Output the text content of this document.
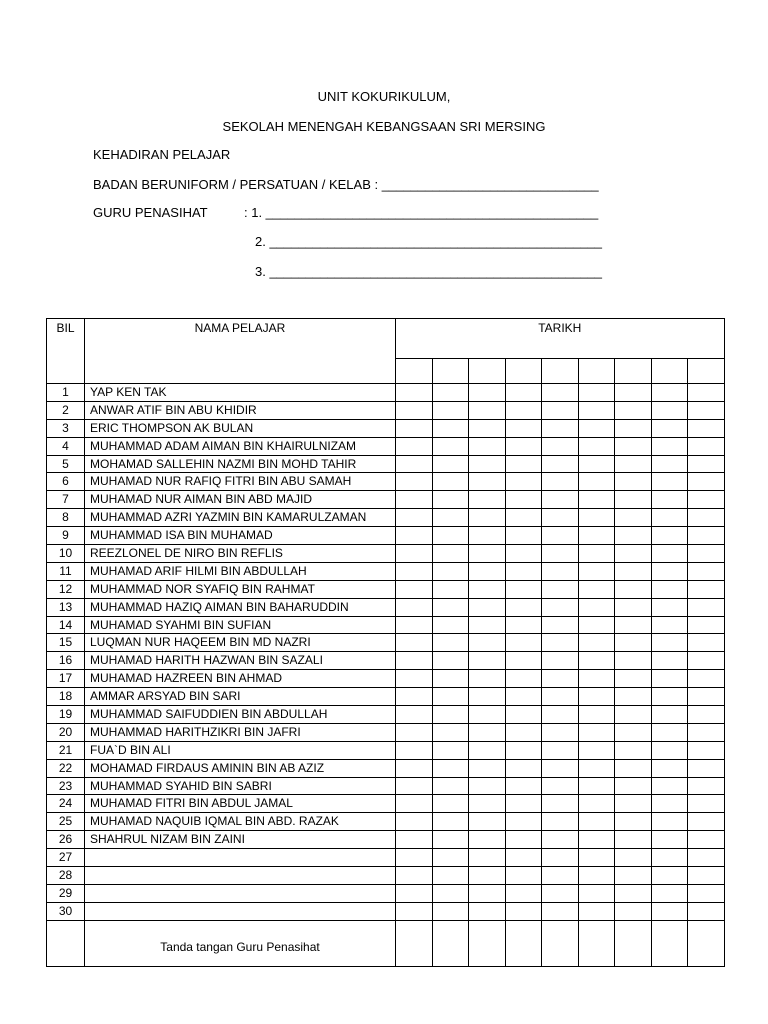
UNIT KOKURIKULUM,
SEKOLAH MENENGAH KEBANGSAAN SRI MERSING
KEHADIRAN PELAJAR
BADAN BERUNIFORM / PERSATUAN / KELAB : ______________________________
GURU PENASIHAT	: 1. ______________________________________________
2. ______________________________________________
3. ______________________________________________
BIL	NAMA PELAJAR	TARIKH								

1	YAP KEN TAK									
2	ANWAR ATIF BIN ABU KHIDIR									
3	ERIC THOMPSON AK BULAN									
4	MUHAMMAD ADAM AIMAN BIN KHAIRULNIZAM									
5	MOHAMAD SALLEHIN NAZMI BIN MOHD TAHIR									
6	MUHAMAD NUR RAFIQ FITRI BIN ABU SAMAH									
7	MUHAMAD NUR AIMAN BIN ABD MAJID									
8	MUHAMMAD AZRI YAZMIN BIN KAMARULZAMAN									
9	MUHAMMAD ISA BIN MUHAMAD									
10	REEZLONEL DE NIRO BIN REFLIS									
11	MUHAMAD ARIF HILMI BIN ABDULLAH									
12	MUHAMMAD NOR SYAFIQ BIN RAHMAT									
13	MUHAMMAD HAZIQ AIMAN BIN BAHARUDDIN									
14	MUHAMAD SYAHMI BIN SUFIAN									
15	LUQMAN NUR HAQEEM BIN MD NAZRI									
16	MUHAMAD HARITH HAZWAN BIN SAZALI									
17	MUHAMAD HAZREEN BIN AHMAD									
18	AMMAR ARSYAD BIN SARI									
19	MUHAMMAD SAIFUDDIEN BIN ABDULLAH									
20	MUHAMMAD HARITHZIKRI BIN JAFRI									
21	FUA`D BIN ALI									
22	MOHAMAD FIRDAUS AMININ BIN AB AZIZ									
23	MUHAMMAD SYAHID BIN SABRI									
24	MUHAMAD FITRI BIN ABDUL JAMAL									
25	MUHAMAD NAQUIB IQMAL BIN ABD. RAZAK									
26	SHAHRUL NIZAM BIN ZAINI									
27										
28										
29										
30										
	Tanda tangan Guru Penasihat									
